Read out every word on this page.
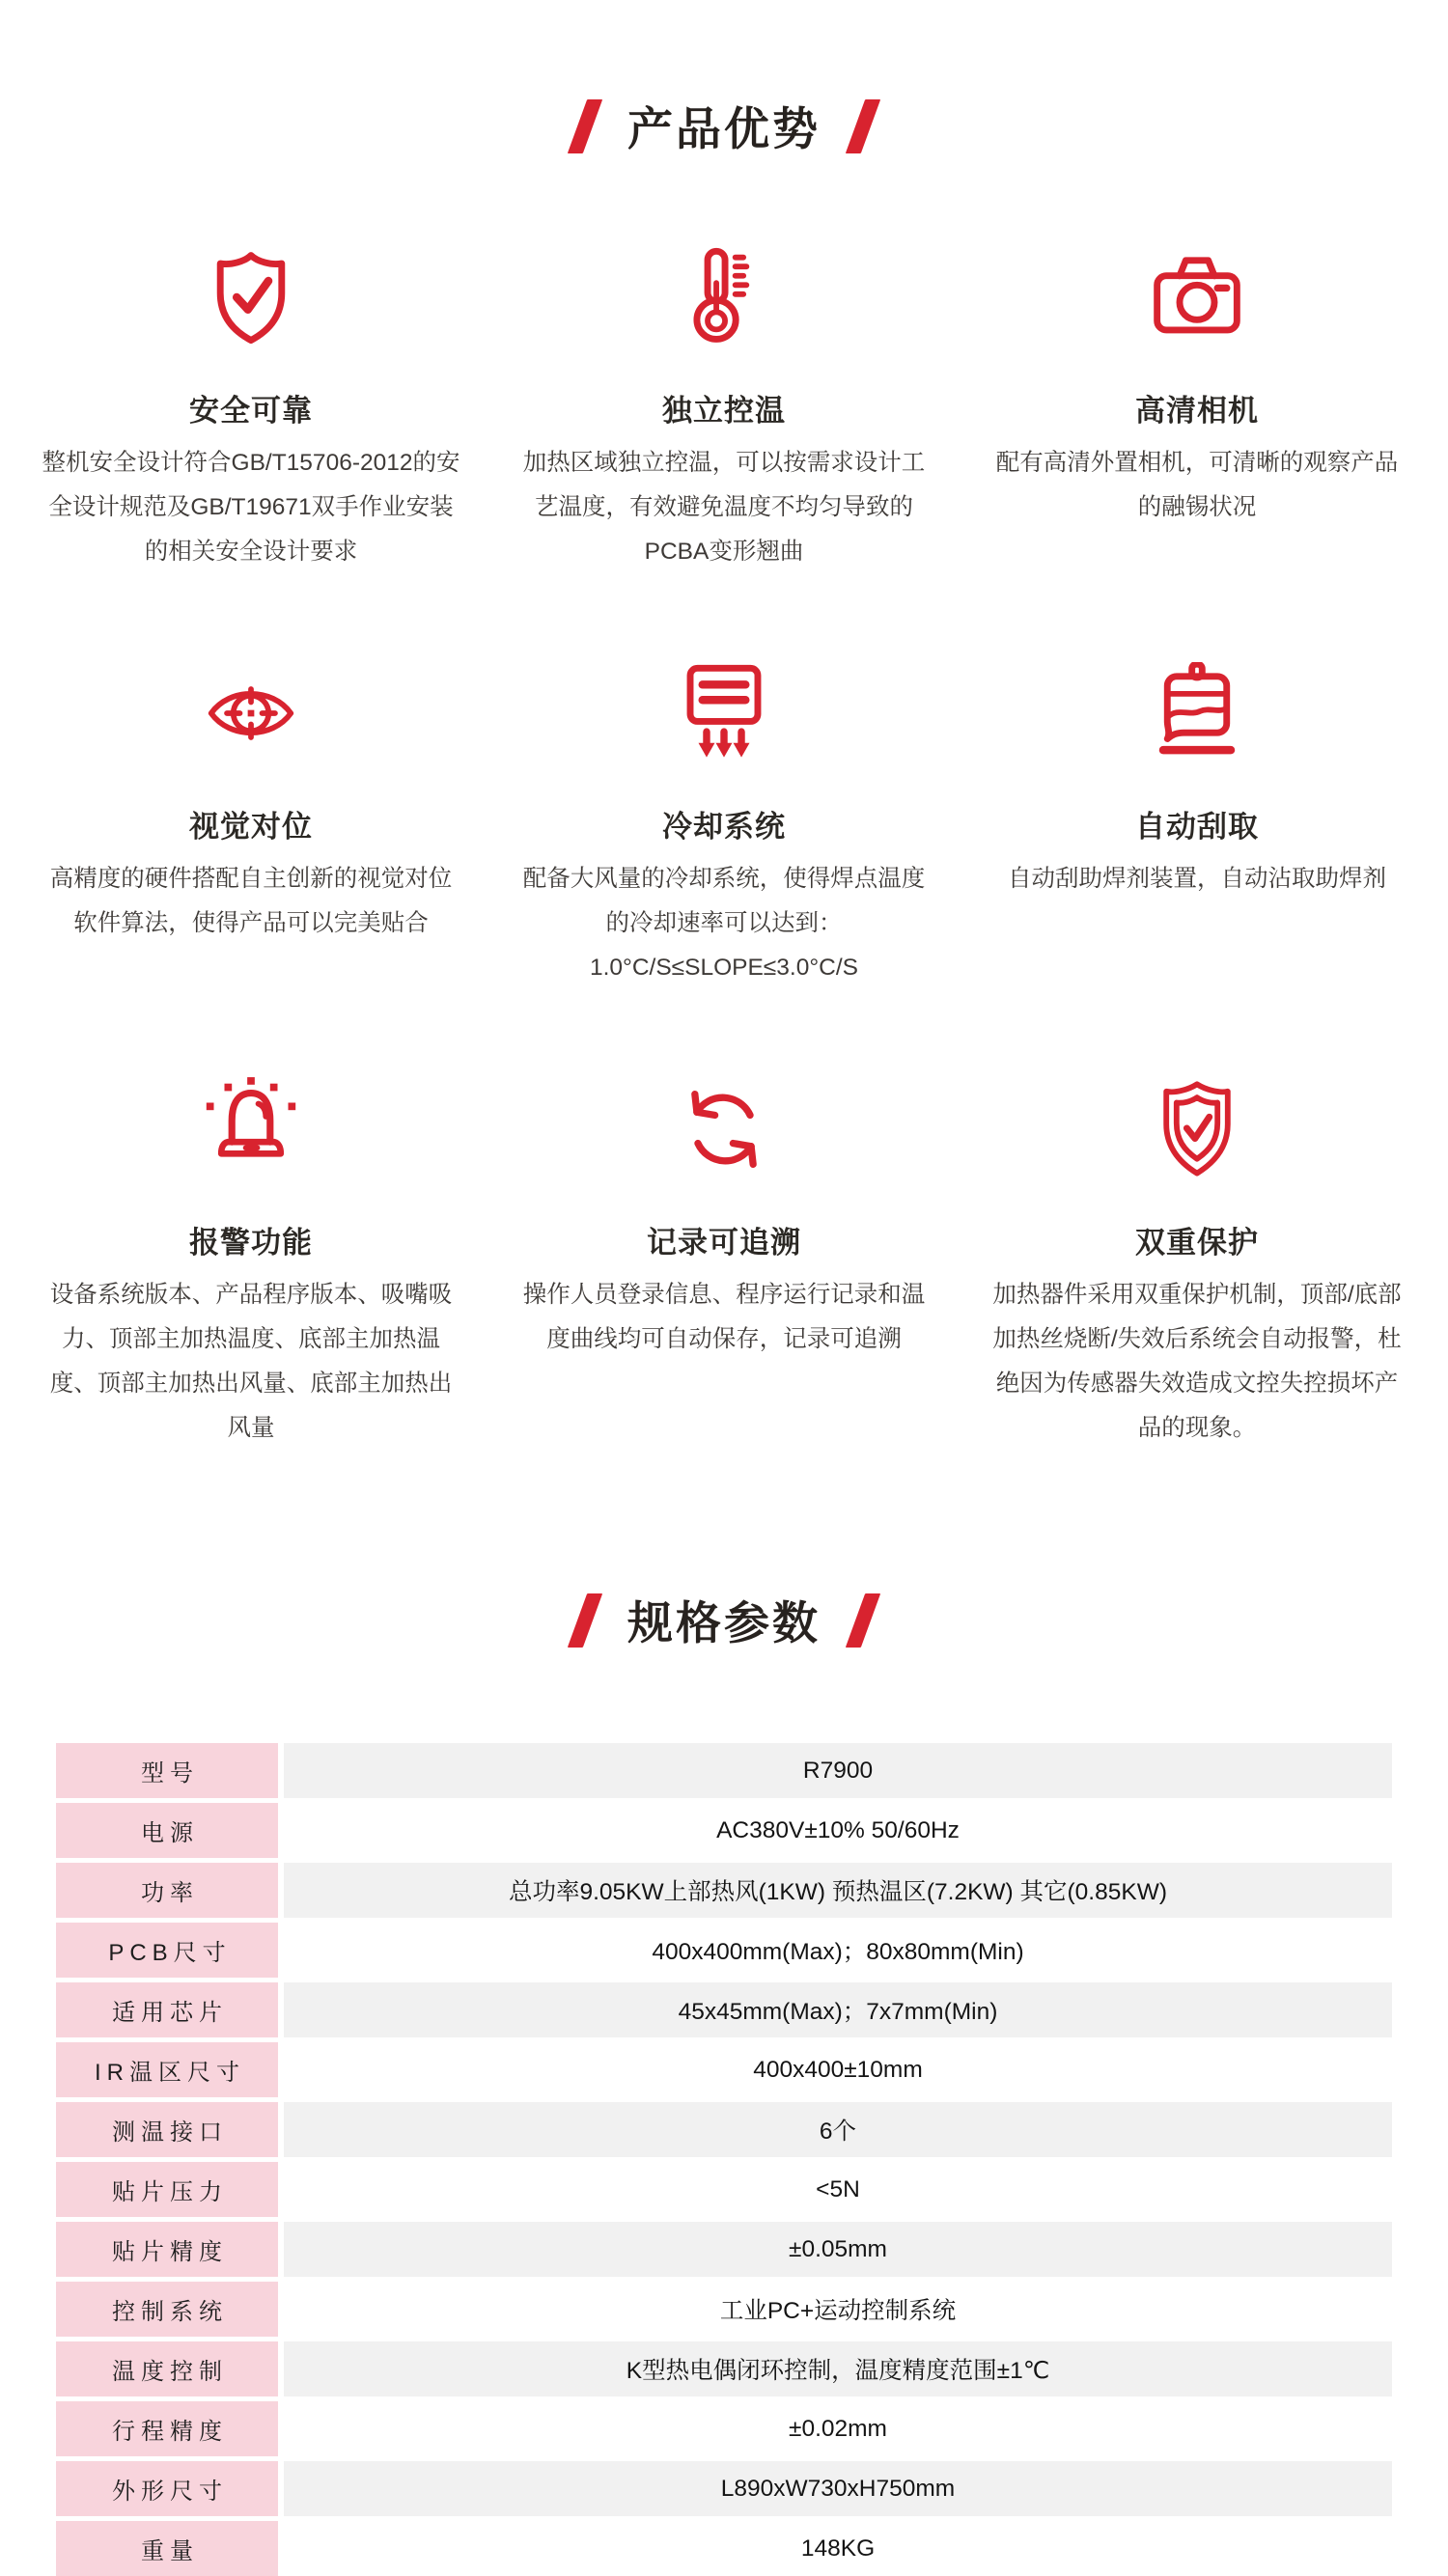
产品优势
安全可靠
整机安全设计符合GB/T15706-2012的安全设计规范及GB/T19671双手作业安装的相关安全设计要求
独立控温
加热区域独立控温，可以按需求设计工艺温度，有效避免温度不均匀导致的PCBA变形翘曲
高清相机
配有高清外置相机，可清晰的观察产品的融锡状况
视觉对位
高精度的硬件搭配自主创新的视觉对位软件算法，使得产品可以完美贴合
冷却系统
配备大风量的冷却系统，使得焊点温度的冷却速率可以达到：1.0°C/S≤SLOPE≤3.0°C/S
自动刮取
自动刮助焊剂装置，自动沾取助焊剂
报警功能
设备系统版本、产品程序版本、吸嘴吸力、顶部主加热温度、底部主加热温度、顶部主加热出风量、底部主加热出风量
记录可追溯
操作人员登录信息、程序运行记录和温度曲线均可自动保存，记录可追溯
双重保护
加热器件采用双重保护机制，顶部/底部加热丝烧断/失效后系统会自动报警，杜绝因为传感器失效造成文控失控损坏产品的现象。
规格参数
型号	R7900
电源	AC380V±10% 50/60Hz
功率	总功率9.05KW上部热风(1KW) 预热温区(7.2KW) 其它(0.85KW)
PCB尺寸	400x400mm(Max)；80x80mm(Min)
适用芯片	45x45mm(Max)；7x7mm(Min)
IR温区尺寸	400x400±10mm
测温接口	6个
贴片压力	<5N
贴片精度	±0.05mm
控制系统	工业PC+运动控制系统
温度控制	K型热电偶闭环控制，温度精度范围±1℃
行程精度	±0.02mm
外形尺寸	L890xW730xH750mm
重量	148KG
